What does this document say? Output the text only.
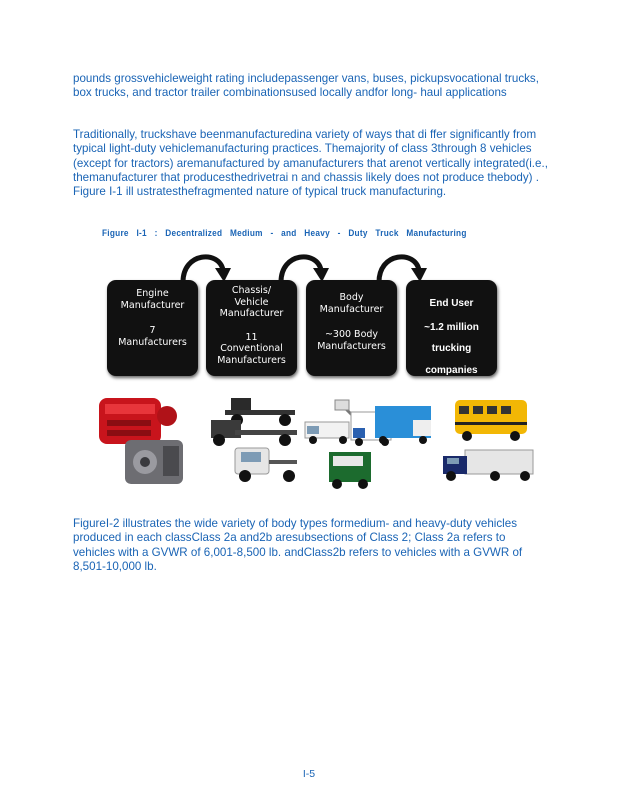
pounds grossvehicleweight rating includepassenger vans, buses, pickupsvocational trucks, box trucks, and tractor trailer combinationsused locally andfor long- haul applications
Traditionally, truckshave beenmanufacturedina variety of ways that di ffer significantly from typical light-duty vehiclemanufacturing practices. Themajority of class 3through 8 vehicles (except for tractors) aremanufactured by amanufacturers that arenot vertically integrated(i.e., themanufacturer that producesthedrivetrai n and chassis likely does not produce thebody) . Figure I-1 ill ustratesthefragmented nature of typical truck manufacturing.
Figure I-1 : Decentralized Medium - and Heavy - Duty Truck Manufacturing
Engine
Manufacturer
7
Manufacturers
Chassis/
Vehicle
Manufacturer
11
Conventional
Manufacturers
Body
Manufacturer
~300 Body
Manufacturers
End User
~1.2 million
trucking
companies
FigureI-2 illustrates the wide variety of body types formedium- and heavy-duty vehicles produced in each classClass 2a and2b aresubsections of Class 2; Class 2a refers to vehicles with a GVWR of 6,001-8,500 lb. andClass2b refers to vehicles with a GVWR of 8,501-10,000 lb.
I-5
